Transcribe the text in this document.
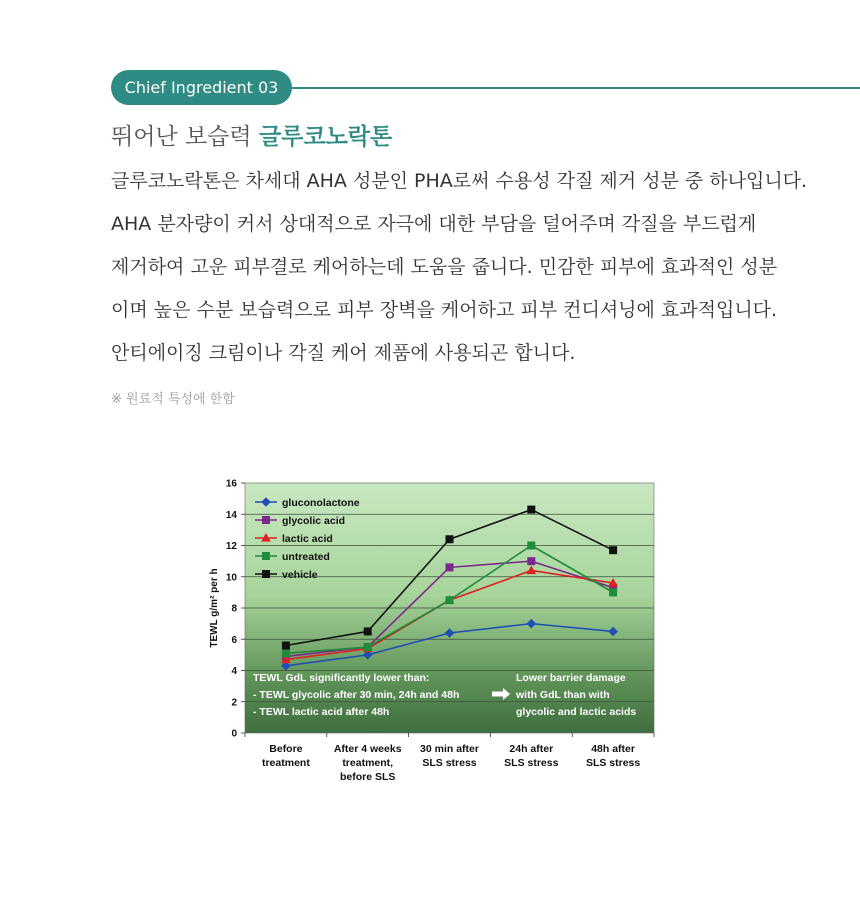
Chief Ingredient 03
뛰어난 보습력 글루코노락톤

글루코노락톤은 차세대 AHA 성분인 PHA로써 수용성 각질 제거 성분 중 하나입니다.

AHA 분자량이 커서 상대적으로 자극에 대한 부담을 덜어주며 각질을 부드럽게

제거하여 고운 피부결로 케어하는데 도움을 줍니다. 민감한 피부에 효과적인 성분

이며 높은 수분 보습력으로 피부 장벽을 케어하고 피부 컨디셔닝에 효과적입니다.

안티에이징 크림이나 각질 케어 제품에 사용되곤 합니다.

※ 원료적 특성에 한함
0
2
4
6
8
10
12
14
16
Before treatment
After 4 weeks treatment, before SLS
30 min after SLS stress
24h after SLS stress
48h after SLS stress
TEWL GdL significantly lower than:
- TEWL glycolic after 30 min, 24h and 48h
- TEWL lactic acid after 48h
Lower barrier damage
with GdL than with
glycolic and lactic acids
gluconolactone
glycolic acid
lactic acid
untreated
vehicle
TEWL g/m² per h
